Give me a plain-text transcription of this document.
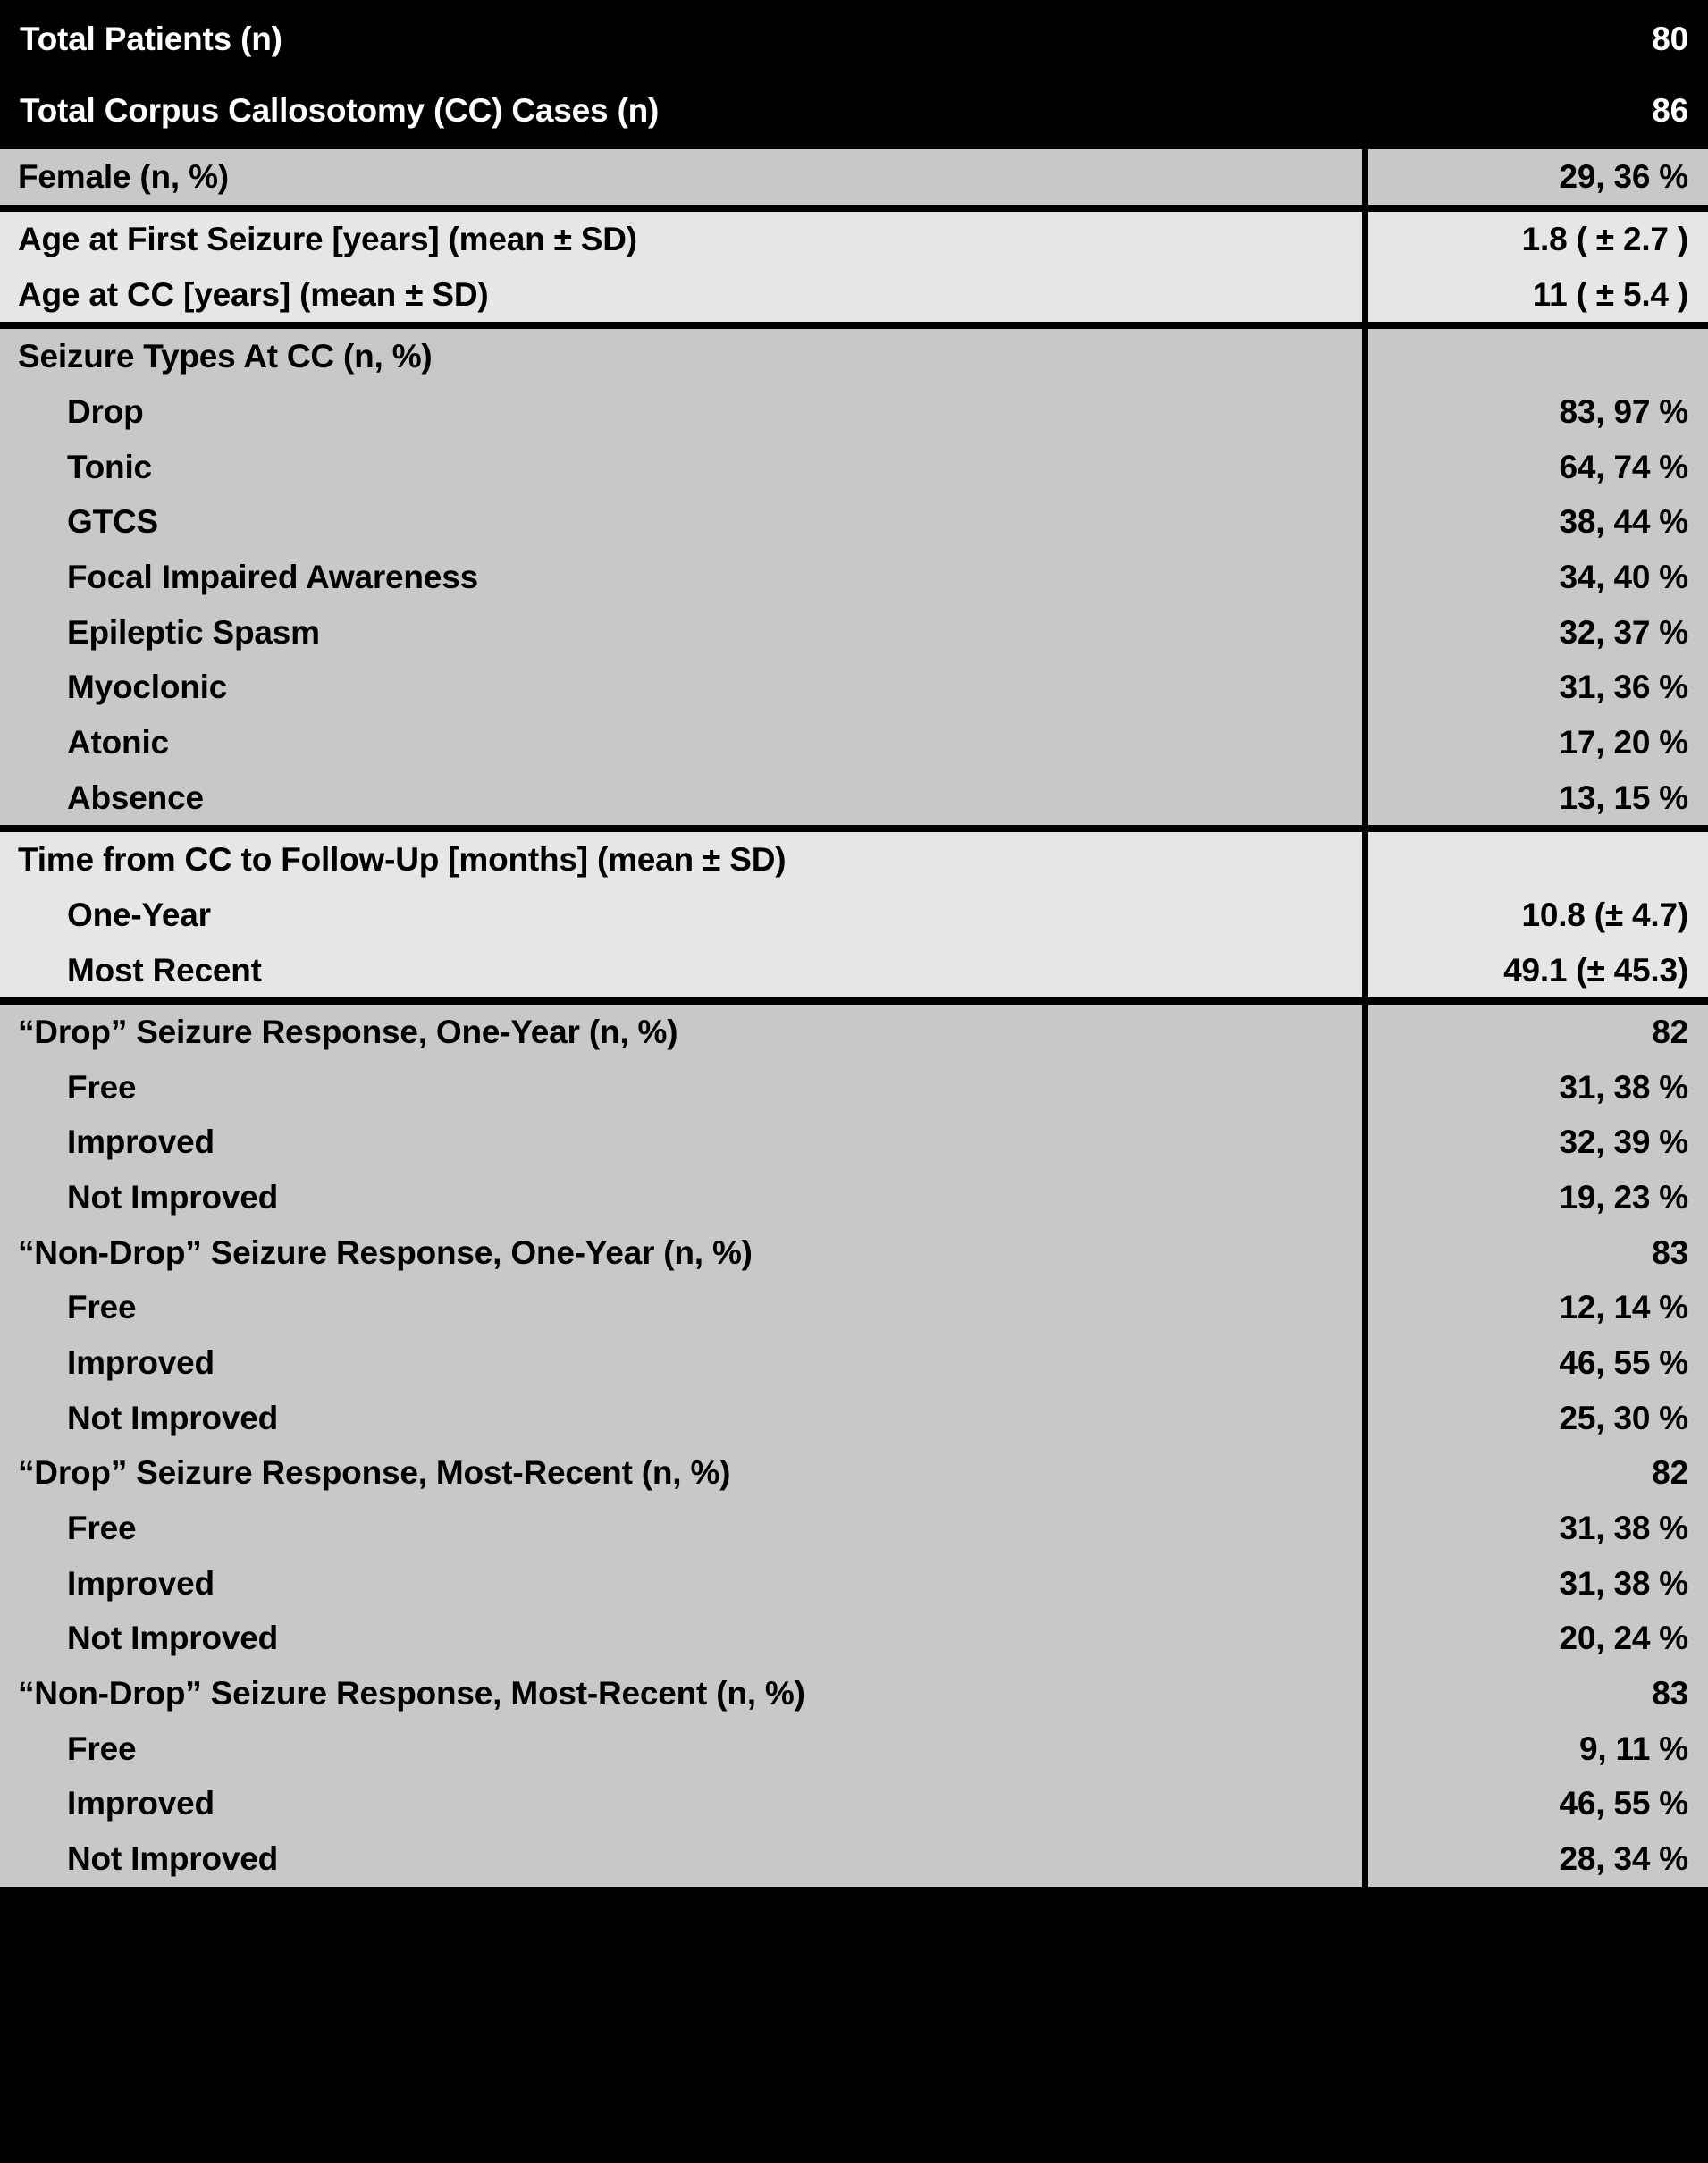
Total Patients (n)	80
Total Corpus Callosotomy (CC) Cases (n)	86

Female (n, %)	29, 36 %

Age at First Seizure [years] (mean ± SD)	1.8 ( ± 2.7 )
Age at CC [years] (mean ± SD)	11 ( ± 5.4 )

Seizure Types At CC (n, %)	
Drop	83, 97 %
Tonic	64, 74 %
GTCS	38, 44 %
Focal Impaired Awareness	34, 40 %
Epileptic Spasm	32, 37 %
Myoclonic	31, 36 %
Atonic	17, 20 %
Absence	13, 15 %

Time from CC to Follow-Up [months] (mean ± SD)	
One-Year	10.8 (± 4.7)
Most Recent	49.1 (± 45.3)

“Drop” Seizure Response, One-Year (n, %)	82
Free	31, 38 %
Improved	32, 39 %
Not Improved	19, 23 %
“Non-Drop” Seizure Response, One-Year (n, %)	83
Free	12, 14 %
Improved	46, 55 %
Not Improved	25, 30 %
“Drop” Seizure Response, Most-Recent (n, %)	82
Free	31, 38 %
Improved	31, 38 %
Not Improved	20, 24 %
“Non-Drop” Seizure Response, Most-Recent (n, %)	83
Free	9, 11 %
Improved	46, 55 %
Not Improved	28, 34 %
